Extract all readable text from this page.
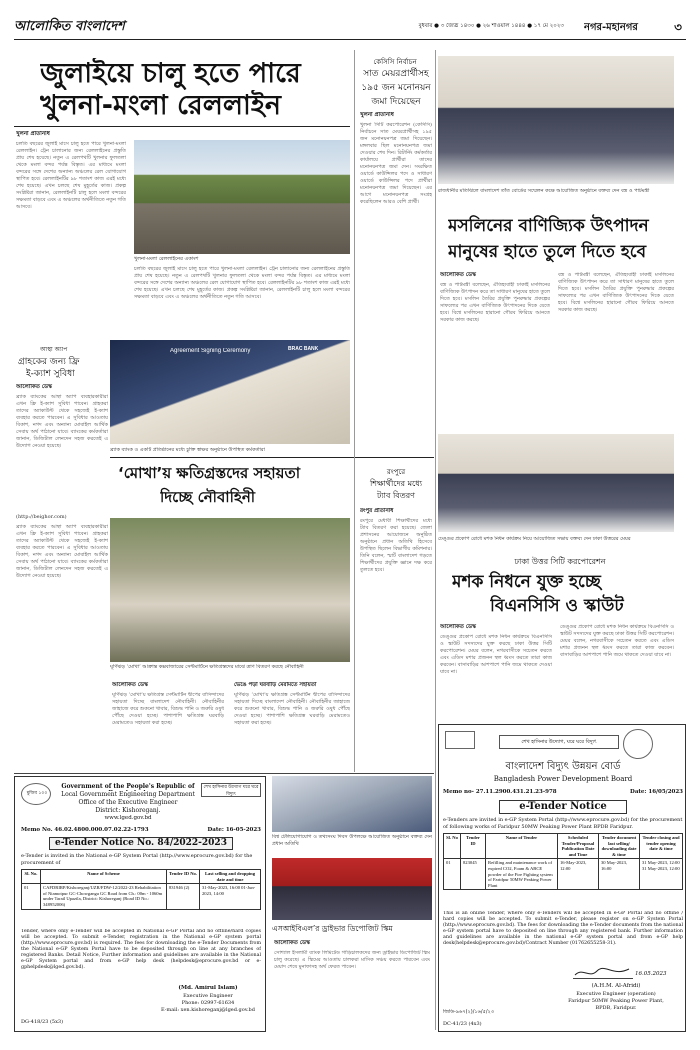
আলোকিত বাংলাদেশ	বুধবার ● ৩ জ্যৈষ্ঠ ১৪৩০ ● ২৬ শাওয়াল ১৪৪৪ ● ১৭ মে ২০২৩ নগর-মহানগর	৩
জুলাইয়ে চালু হতে পারে
খুলনা-মংলা রেললাইন
খুলনা প্রতিনিধি
চলতি বছরের জুলাই মাসে চালু হতে পারে খুলনা-মংলা রেললাইন। ট্রেন চালানোর জন্য রেললাইনের প্রস্তুতি প্রায় শেষ হয়েছে। নতুন এ রেলপথটি খুলনার ফুলতলা থেকে মংলা বন্দর পর্যন্ত বিস্তৃত। এর মাধ্যমে মংলা বন্দরের সঙ্গে দেশের অন্যান্য অঞ্চলের রেল যোগাযোগ স্থাপিত হবে। রেললাইনটির ৯৮ শতাংশ কাজ এরই মধ্যে শেষ হয়েছে। এখন চলছে শেষ মুহূর্তের কাজ। প্রকল্প সংশ্লিষ্টরা জানান, রেললাইনটি চালু হলে মংলা বন্দরের সক্ষমতা বাড়বে এবং এ অঞ্চলের অর্থনীতিতে নতুন গতি আসবে।
খুলনা-মংলা রেললাইনের একাংশ
চলতি বছরের জুলাই মাসে চালু হতে পারে খুলনা-মংলা রেললাইন। ট্রেন চালানোর জন্য রেললাইনের প্রস্তুতি প্রায় শেষ হয়েছে। নতুন এ রেলপথটি খুলনার ফুলতলা থেকে মংলা বন্দর পর্যন্ত বিস্তৃত। এর মাধ্যমে মংলা বন্দরের সঙ্গে দেশের অন্যান্য অঞ্চলের রেল যোগাযোগ স্থাপিত হবে। রেললাইনটির ৯৮ শতাংশ কাজ এরই মধ্যে শেষ হয়েছে। এখন চলছে শেষ মুহূর্তের কাজ। প্রকল্প সংশ্লিষ্টরা জানান, রেললাইনটি চালু হলে মংলা বন্দরের সক্ষমতা বাড়বে এবং এ অঞ্চলের অর্থনীতিতে নতুন গতি আসবে।
কেসিসি নির্বাচন
সাত মেয়রপ্রার্থীসহ
১৯৫ জন মনোনয়ন
জমা দিয়েছেন
খুলনা প্রতিনিধি
খুলনা সিটি করপোরেশন (কেসিসি) নির্বাচনে সাত মেয়রপ্রার্থীসহ ১৯৫ জন মনোনয়নপত্র জমা দিয়েছেন। মঙ্গলবার ছিল মনোনয়নপত্র জমা দেওয়ার শেষ দিন। রিটার্নিং কর্মকর্তার কার্যালয়ে প্রার্থীরা তাদের মনোনয়নপত্র জমা দেন। সংরক্ষিত ওয়ার্ডে কাউন্সিলর পদে ও সাধারণ ওয়ার্ডে কাউন্সিলর পদে প্রার্থীরা মনোনয়নপত্র জমা দিয়েছেন। এর আগে মনোনয়নপত্র সংগ্রহ করেছিলেন আরও বেশি প্রার্থী।
রাজধানীর মতিঝিলে বাংলাদেশ তাঁত বোর্ডের সম্মেলন কক্ষে আয়োজিত অনুষ্ঠানে বক্তব্য দেন বস্ত্র ও পাটমন্ত্রী
মসলিনের বাণিজ্যিক উৎপাদন
মানুষের হাতে তুলে দিতে হবে
আলোকিত ডেস্ক
বস্ত্র ও পাটমন্ত্রী বলেছেন, ঐতিহ্যবাহী ঢাকাই মসলিনের বাণিজ্যিক উৎপাদন করে তা সাধারণ মানুষের হাতে তুলে দিতে হবে। মসলিন তৈরির প্রযুক্তি পুনরুদ্ধার প্রকল্পের সাফল্যের পর এখন বাণিজ্যিক উৎপাদনের দিকে যেতে হবে। বিশ্বে মসলিনের হারানো গৌরব ফিরিয়ে আনতে সরকার কাজ করছে।
বস্ত্র ও পাটমন্ত্রী বলেছেন, ঐতিহ্যবাহী ঢাকাই মসলিনের বাণিজ্যিক উৎপাদন করে তা সাধারণ মানুষের হাতে তুলে দিতে হবে। মসলিন তৈরির প্রযুক্তি পুনরুদ্ধার প্রকল্পের সাফল্যের পর এখন বাণিজ্যিক উৎপাদনের দিকে যেতে হবে। বিশ্বে মসলিনের হারানো গৌরব ফিরিয়ে আনতে সরকার কাজ করছে।
আস্থা অ্যাপ
গ্রাহকের জন্য ফ্রি
ই-ক্যাশ সুবিধা
আলোকিত ডেস্ক
ব্র্যাক ব্যাংকের আস্থা অ্যাপ ব্যবহারকারীরা এখন ফ্রি ই-ক্যাশ সুবিধা পাবেন। গ্রাহকরা তাদের অ্যাকাউন্ট থেকে সহজেই ই-ক্যাশ ব্যবহার করতে পারবেন। এ সুবিধার আওতায় বিকাশ, নগদ এবং অন্যান্য মোবাইল আর্থিক সেবায় অর্থ পাঠানো যাবে। ব্যাংকের কর্মকর্তারা জানান, ডিজিটাল লেনদেন সহজ করতেই এ উদ্যোগ নেওয়া হয়েছে।
(http://beighor.com)
ব্র্যাক ব্যাংকের আস্থা অ্যাপ ব্যবহারকারীরা এখন ফ্রি ই-ক্যাশ সুবিধা পাবেন। গ্রাহকরা তাদের অ্যাকাউন্ট থেকে সহজেই ই-ক্যাশ ব্যবহার করতে পারবেন। এ সুবিধার আওতায় বিকাশ, নগদ এবং অন্যান্য মোবাইল আর্থিক সেবায় অর্থ পাঠানো যাবে। ব্যাংকের কর্মকর্তারা জানান, ডিজিটাল লেনদেন সহজ করতেই এ উদ্যোগ নেওয়া হয়েছে।
Agreement Signing Ceremony	BRAC BANK
ব্র্যাক ব্যাংক ও একটি প্রতিষ্ঠানের মধ্যে চুক্তি স্বাক্ষর অনুষ্ঠানে উপস্থিত কর্মকর্তারা
‘মোখা’য় ক্ষতিগ্রস্তদের সহায়তা
দিচ্ছে নৌবাহিনী
ঘূর্ণিঝড় ‘মোখা’ আক্রান্ত কক্সবাজারের সেন্টমার্টিনে ক্ষতিগ্রস্তদের মাঝে ত্রাণ বিতরণ করছে নৌবাহিনী
আলোকিত ডেস্ক
ঘূর্ণিঝড় ‘মোখা’য় ক্ষতিগ্রস্ত সেন্টমার্টিন দ্বীপের বাসিন্দাদের সহায়তা দিচ্ছে বাংলাদেশ নৌবাহিনী। নৌবাহিনীর জাহাজে করে শুকনো খাবার, বিশুদ্ধ পানি ও জরুরি ওষুধ পৌঁছে দেওয়া হচ্ছে। পাশাপাশি ক্ষতিগ্রস্ত ঘরবাড়ি মেরামতেও সহায়তা করা হচ্ছে।
ভেঙে পড়া ঘরবাড়ি মেরামতে সহায়তা
ঘূর্ণিঝড় ‘মোখা’য় ক্ষতিগ্রস্ত সেন্টমার্টিন দ্বীপের বাসিন্দাদের সহায়তা দিচ্ছে বাংলাদেশ নৌবাহিনী। নৌবাহিনীর জাহাজে করে শুকনো খাবার, বিশুদ্ধ পানি ও জরুরি ওষুধ পৌঁছে দেওয়া হচ্ছে। পাশাপাশি ক্ষতিগ্রস্ত ঘরবাড়ি মেরামতেও সহায়তা করা হচ্ছে।
রংপুরে
শিক্ষার্থীদের মধ্যে
ট্যাব বিতরণ
রংপুর প্রতিনিধি
রংপুরে মেধাবী শিক্ষার্থীদের মধ্যে ট্যাব বিতরণ করা হয়েছে। জেলা প্রশাসনের আয়োজনে অনুষ্ঠিত অনুষ্ঠানে প্রধান অতিথি হিসেবে উপস্থিত ছিলেন বিভাগীয় কমিশনার। তিনি বলেন, স্মার্ট বাংলাদেশ গড়তে শিক্ষার্থীদের প্রযুক্তি জ্ঞানে দক্ষ করে তুলতে হবে।
ঢেঙ্গুর প্রকোপ রোধে মশক নিধন কার্যক্রম নিয়ে আয়োজিত সভায় বক্তব্য দেন ঢাকা উত্তরের মেয়র
ঢাকা উত্তর সিটি করপোরেশন
মশক নিধনে যুক্ত হচ্ছে
বিএনসিসি ও স্কাউট
আলোকিত ডেস্ক
ডেঙ্গুর প্রকোপ রোধে মশক নিধন কার্যক্রমে বিএনসিসি ও স্কাউট সদস্যদের যুক্ত করছে ঢাকা উত্তর সিটি করপোরেশন। মেয়র বলেন, নগরবাসীকে সচেতন করতে এবং এডিস মশার প্রজনন স্থল ধ্বংস করতে তারা কাজ করবেন। বাসাবাড়ির আশপাশে পানি জমে থাকতে দেওয়া যাবে না।
ডেঙ্গুর প্রকোপ রোধে মশক নিধন কার্যক্রমে বিএনসিসি ও স্কাউট সদস্যদের যুক্ত করছে ঢাকা উত্তর সিটি করপোরেশন। মেয়র বলেন, নগরবাসীকে সচেতন করতে এবং এডিস মশার প্রজনন স্থল ধ্বংস করতে তারা কাজ করবেন। বাসাবাড়ির আশপাশে পানি জমে থাকতে দেওয়া যাবে না।
মুজিব ১০০
শেখ হাসিনার উদ্যোগ ঘরে ঘরে বিদ্যুৎ
Government of the People's Republic of
Local Government Engineering Department
Office of the Executive Engineer
District: Kishoreganj.
www.lged.gov.bd
Memo No. 46.02.4800.000.07.02.22-1793	Date: 16-05-2023
e-Tender Notice No. 84/2022-2023
e-Tender is invited in the National e-GP System Portal (http://www.eprocure.gov.bd) for the procurement of
Sl. No.	Name of Scheme	Tender ID No.	Last selling and dropping date and time
01	CAFDRIRP/Kishoreganj/UZR/FDW-12/2022-23 Rehabilitation of Niamotpur GC-Chowganga GC Road from Ch.: 00m - 1060m under Tarail Upazila, District: Kishoreganj (Road ID No.: 348952006)	831946 (2)	31-May-2023, 16:00 01-Jun-2023, 14:00
Tender, where only e-Tender will be accepted in National e-GP Portal and no offline/hard copies will be accepted. To submit e-Tender, registration in the National e-GP system portal (http://www.eprocure.gov.bd) is required. The fees for downloading the e-Tender Documents from the National e-GP System Portal have to be deposited through on line at any branches of registered Banks. Detail Notice, Further information and guidelines are available in the National e-GP System portal and from e-GP help desk (helpdesk@eprocure.gov.bd or e-gphelpdesk@lged.gov.bd).
(Md. Amirul Islam)
Executive Engineer
Phone: 02997-61634
E-mail: xen.kishoreganj@lged.gov.bd
DG-418/23 (5x3)
বিশ্ব টেলিযোগাযোগ ও তথ্যসংঘ দিবস উপলক্ষে আয়োজিত অনুষ্ঠানে বক্তব্য দেন প্রধান অতিথি
এসআইবিএল’র ড্রাইভার ডিপোজিট স্কিম
আলোকিত ডেস্ক
সোশ্যাল ইসলামী ব্যাংক লিমিটেড গাড়িচালকদের জন্য ড্রাইভার ডিপোজিট স্কিম চালু করেছে। এ স্কিমের আওতায় চালকরা মাসিক সঞ্চয় করতে পারবেন এবং মেয়াদ শেষে মুনাফাসহ অর্থ ফেরত পাবেন।
শেখ হাসিনার উদ্যোগ, ঘরে ঘরে বিদ্যুৎ
বাংলাদেশ বিদ্যুৎ উন্নয়ন বোর্ড
Bangladesh Power Development Board
Memo no- 27.11.2900.431.21.23-978	Date: 16/05/2023
e-Tender Notice
e-Tenders are invited in e-GP System Portal (http://www.eprocure.gov.bd) for the procurement of following works of Faridpur 50MW Peaking Power Plant BPDB Faridpur.
Sl. No	Tender ID	Name of Tender	Scheduled Tender/Proposal Publication Date and Time	Tender document last selling/ downloading date & time	Tender closing and tender opening date & time
01	823045	Refilling and maintenance work of expired CO2, Foam & ABCE powder of the Fire Fighting system of Faridpur 50MW Peaking Power Plant	16-May-2023, 12:00	30 May-2023, 16:00	31 May-2023, 12:00 31 May-2023, 12:00
This is an online Tender, where only e-Tenders will be accepted in e-GP Portal and no offline / hard copies will be accepted. To submit e-Tender, please register on e-GP System Portal (http://www.eprocure.gov.bd). The fees for downloading the e-Tender documents from the national e-GP system portal have to deposited on line through any registered bank. Further information and guidelines are available in the national e-GP system portal and from e-GP help desk(helpdesk@eprocure.gov.bd)/Contract Number (01762655258-31).
16.05.2023
(A.H.M. Al-Afridi)
Executive Engineer (operation)
Faridpur 50MW Peaking Power Plant,
BPDB, Faridpur.
জিডি-৯৬৭(২)/১৬/৫/২৩
DC-41/23 (4x3)
